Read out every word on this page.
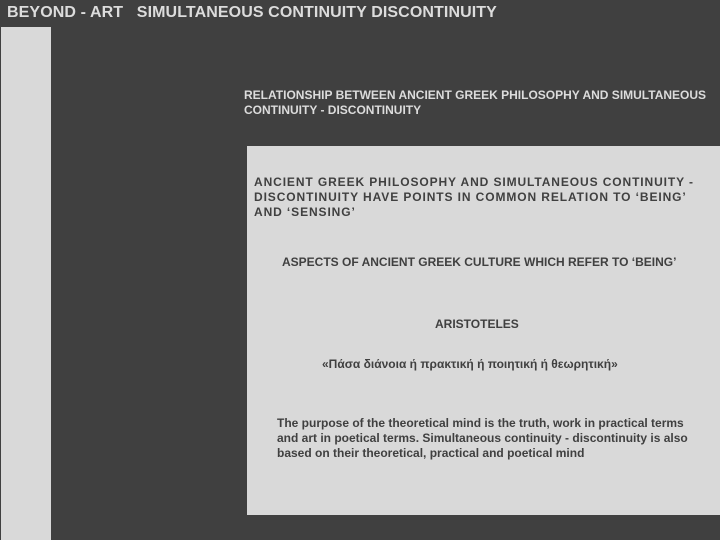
BEYOND - ART   SIMULTANEOUS CONTINUITY DISCONTINUITY
RELATIONSHIP BETWEEN ANCIENT GREEK PHILOSOPHY AND SIMULTANEOUS CONTINUITY - DISCONTINUITY
ANCIENT GREEK PHILOSOPHY AND SIMULTANEOUS CONTINUITY - DISCONTINUITY HAVE POINTS IN COMMON RELATION TO ‘BEING’ AND ‘SENSING’
ASPECTS OF ANCIENT GREEK CULTURE WHICH REFER TO ‘BEING’
ARISTOTELES
«Πάσα διάνοια ή πρακτική ή ποιητική ή θεωρητική»
The purpose of the theoretical mind is the truth, work in practical terms and art in poetical terms. Simultaneous continuity - discontinuity is also based on their theoretical, practical and poetical mind
